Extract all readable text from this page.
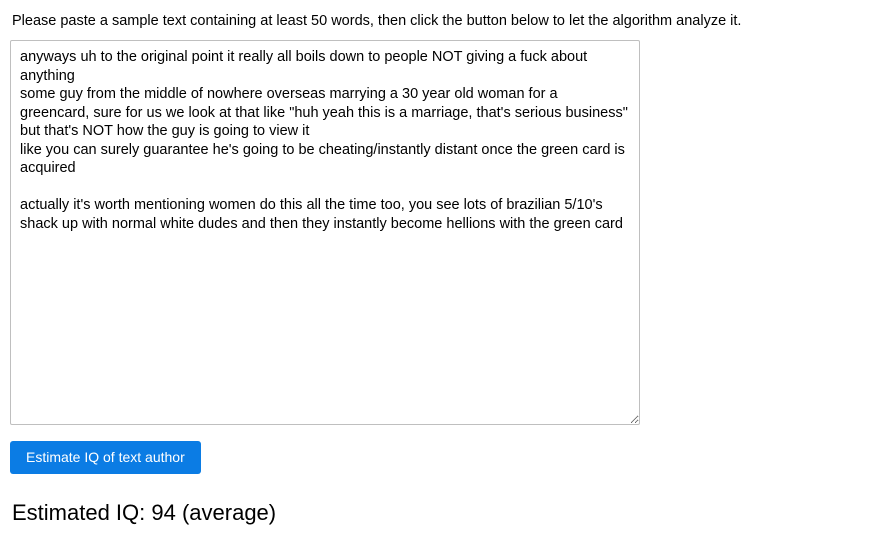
Please paste a sample text containing at least 50 words, then click the button below to let the algorithm analyze it.
anyways uh to the original point it really all boils down to people NOT giving a fuck about anything some guy from the middle of nowhere overseas marrying a 30 year old woman for a greencard, sure for us we look at that like "huh yeah this is a marriage, that's serious business" but that's NOT how the guy is going to view it like you can surely guarantee he's going to be cheating/instantly distant once the green card is acquired actually it's worth mentioning women do this all the time too, you see lots of brazilian 5/10's shack up with normal white dudes and then they instantly become hellions with the green card
Estimate IQ of text author
Estimated IQ: 94 (average)
